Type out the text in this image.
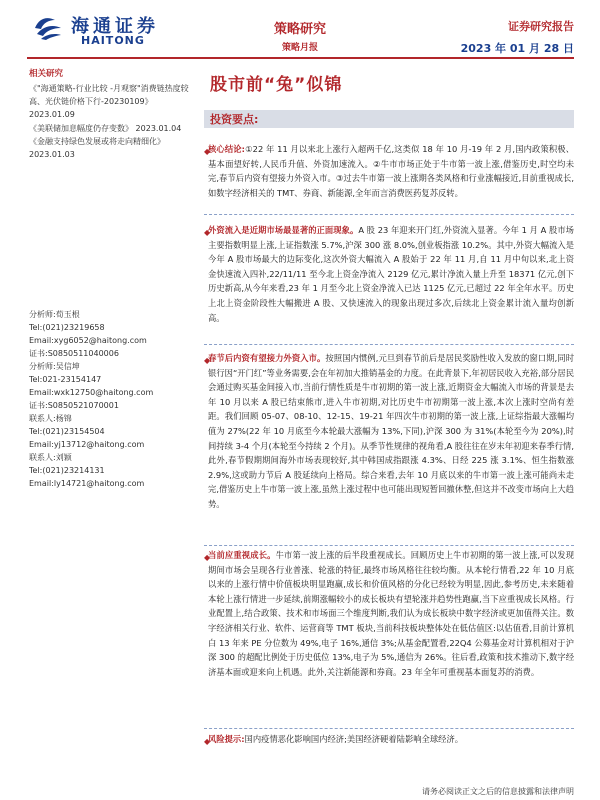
海通证券
HAITONG
策略研究
策略月报
证券研究报告
2023 年 01 月 28 日
相关研究
《"海通策略-行业比较 -月观察"消费链热度较高、光伏链价格下行-20230109》
2023.01.09
《美联储加息幅度仍存变数》 2023.01.04
《金融支持绿色发展或将走向精细化》
2023.01.03
分析师:荀玉根
Tel:(021)23219658
Email:xyg6052@haitong.com
证书:S0850511040006
分析师:吴信坤
Tel:021-23154147
Email:wxk12750@haitong.com
证书:S0850521070001
联系人:杨锦
Tel:(021)23154504
Email:yj13712@haitong.com
联系人:刘颖
Tel:(021)23214131
Email:ly14721@haitong.com
股市前“兔”似锦
投资要点:
◆
核心结论:①22 年 11 月以来北上涨行入超两千亿,这类似 18 年 10 月-19 年 2 月,国内政策积极、基本面望好转,人民币升值、外资加速流入。②牛市市场正处于牛市第一波上涨,借鉴历史,时空均未完,春节后内资有望接力外资入市。③过去牛市第一波上涨期各类风格和行业涨幅接近,目前重视成长,如数字经济相关的 TMT、券商、新能源,全年而言消费医药复苏反转。
◆
外资流入是近期市场最显著的正面现象。A 股 23 年迎来开门红,外资流入显著。今年 1 月 A 股市场主要指数明显上涨,上证指数涨 5.7%,沪深 300 涨 8.0%,创业板指涨 10.2%。其中,外资大幅流入是今年 A 股市场最大的边际变化,这次外资大幅流入 A 股始于 22 年 11 月,自 11 月中旬以来,北上资金快速流入四补,22/11/11 至今北上资金净流入 2129 亿元,累计净流入量上升至 18371 亿元,创下历史新高,从今年来看,23 年 1 月至今北上资金净流入已达 1125 亿元,已超过 22 年全年水平。历史上北上资金阶段性大幅搬进 A 股、又快速流入的现象出现过多次,后续北上资金累计流入量均创新高。
◆
春节后内资有望接力外资入市。按照国内惯例,元旦到春节前后是居民奖励性收入发放的窗口期,同时银行因“开门红”等业务需要,会在年初加大推销基金的力度。在此背景下,年初居民收入充裕,部分居民会通过购买基金间接入市,当前行情性质是牛市初期的第一波上涨,近期资金大幅流入市场的背景是去年 10 月以来 A 股已结束熊市,进入牛市初期,对比历史牛市初期第一波上涨,本次上涨时空尚有差距。我们回顾 05-07、08-10、12-15、19-21 年四次牛市初期的第一波上涨,上证综指最大涨幅均值为 27%(22 年 10 月底至今本轮最大涨幅为 13%,下同),沪深 300 为 31%(本轮至今为 20%),时间持续 3-4 个月(本轮至今持续 2 个月)。从季节性规律的视角看,A 股往往在岁末年初迎来春季行情,此外,春节假期期间海外市场表现较好,其中韩国成指跟涨 4.3%、日经 225 涨 3.1%、恒生指数涨 2.9%,这或助力节后 A 股延续向上格局。综合来看,去年 10 月底以来的牛市第一波上涨可能尚未走完,借鉴历史上牛市第一波上涨,虽然上涨过程中也可能出现短暂回撤休整,但这并不改变市场向上大趋势。
◆
当前应重视成长。牛市第一波上涨的后半段重视成长。回顾历史上牛市初期的第一波上涨,可以发现期间市场会呈现各行业普涨、轮涨的特征,最终市场风格往往较均衡。从本轮行情看,22 年 10 月底以来的上涨行情中价值板块明显跑赢,成长和价值风格的分化已经较为明显,因此,参考历史,未来随着本轮上涨行情进一步延续,前期涨幅较小的成长板块有望轮涨并趋势性跑赢,当下应重视成长风格。行业配置上,结合政策、技术和市场面三个维度判断,我们认为成长板块中数字经济或更加值得关注。数字经济相关行业、软件、运营商等 TMT 板块,当前科技板块整体处在低估值区:以估值看,目前计算机白 13 年来 PE 分位数为 49%,电子 16%,通信 3%;从基金配置看,22Q4 公募基金对计算机相对于沪深 300 的超配比例处于历史低位 13%,电子为 5%,通信为 26%。往后看,政策和技术推动下,数字经济基本面或迎来向上机遇。此外,关注新能源和券商。23 年全年可重视基本面复苏的消费。
◆
风险提示:国内疫情恶化影响国内经济;美国经济硬着陆影响全球经济。
请务必阅读正文之后的信息披露和法律声明
